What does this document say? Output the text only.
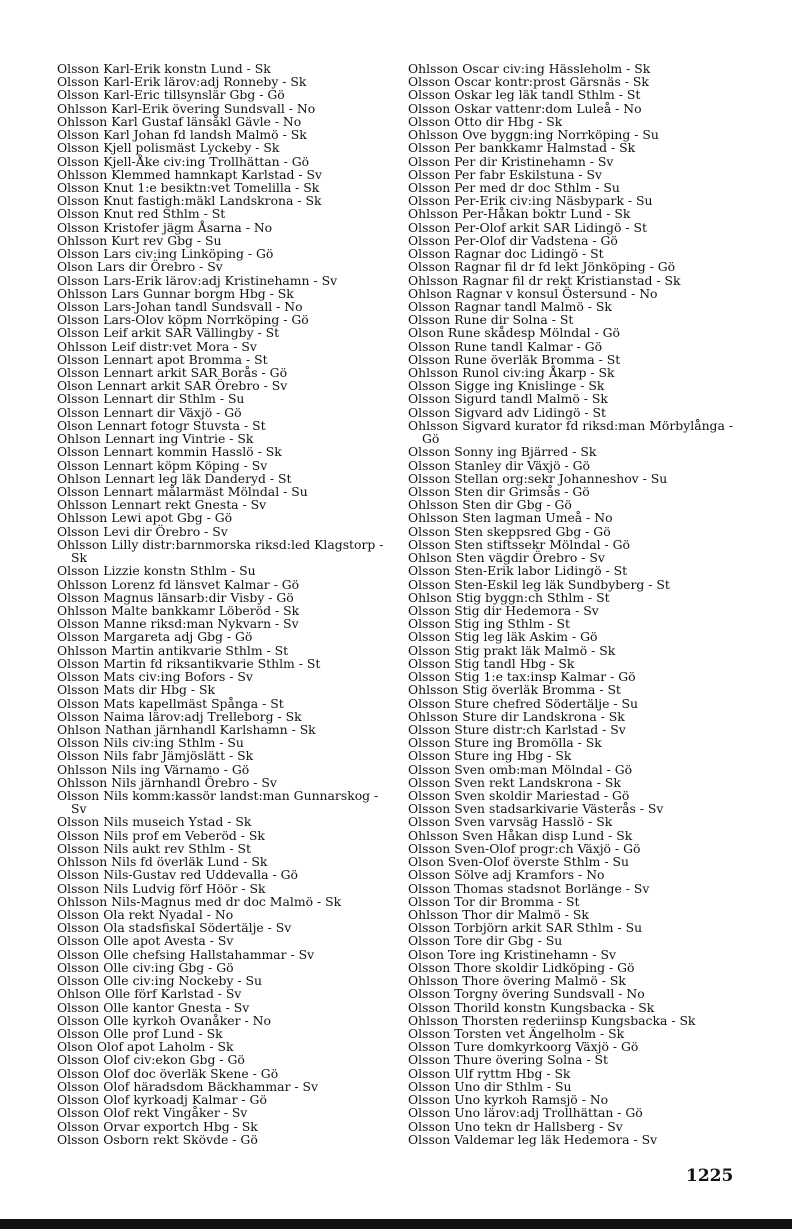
Olsson Karl-Erik konstn Lund - Sk
Olsson Karl-Erik lärov:adj Ronneby - Sk
Olsson Karl-Eric tillsynslär Gbg - Gö
Ohlsson Karl-Erik övering Sundsvall - No
Ohlsson Karl Gustaf länsåkl Gävle - No
Olsson Karl Johan fd landsh Malmö - Sk
Olsson Kjell polismäst Lyckeby - Sk
Olsson Kjell-Åke civ:ing Trollhättan - Gö
Ohlsson Klemmed hamnkapt Karlstad - Sv
Olsson Knut 1:e besiktn:vet Tomelilla - Sk
Olsson Knut fastigh:mäkl Landskrona - Sk
Olsson Knut red Sthlm - St
Olsson Kristofer jägm Åsarna - No
Ohlsson Kurt rev Gbg - Su
Olsson Lars civ:ing Linköping - Gö
Olson Lars dir Örebro - Sv
Olsson Lars-Erik lärov:adj Kristinehamn - Sv
Ohlsson Lars Gunnar borgm Hbg - Sk
Olsson Lars-Johan tandl Sundsvall - No
Olsson Lars-Olov köpm Norrköping - Gö
Olsson Leif arkit SAR Vällingby - St
Ohlsson Leif distr:vet Mora - Sv
Olsson Lennart apot Bromma - St
Olsson Lennart arkit SAR Borås - Gö
Olson Lennart arkit SAR Örebro - Sv
Olsson Lennart dir Sthlm - Su
Olsson Lennart dir Växjö - Gö
Olson Lennart fotogr Stuvsta - St
Ohlson Lennart ing Vintrie - Sk
Olsson Lennart kommin Hasslö - Sk
Olsson Lennart köpm Köping - Sv
Ohlson Lennart leg läk Danderyd - St
Olsson Lennart målarmäst Mölndal - Su
Ohlsson Lennart rekt Gnesta - Sv
Ohlsson Lewi apot Gbg - Gö
Olsson Levi dir Örebro - Sv
Ohlsson Lilly distr:barnmorska riksd:led Klagstorp - Sk
Olsson Lizzie konstn Sthlm - Su
Ohlsson Lorenz fd länsvet Kalmar - Gö
Olsson Magnus länsarb:dir Visby - Gö
Ohlsson Malte bankkamr Löberöd - Sk
Olsson Manne riksd:man Nykvarn - Sv
Olsson Margareta adj Gbg - Gö
Ohlsson Martin antikvarie Sthlm - St
Olsson Martin fd riksantikvarie Sthlm - St
Olsson Mats civ:ing Bofors - Sv
Olsson Mats dir Hbg - Sk
Olsson Mats kapellmäst Spånga - St
Olsson Naima lärov:adj Trelleborg - Sk
Ohlson Nathan järnhandl Karlshamn - Sk
Olsson Nils civ:ing Sthlm - Su
Olsson Nils fabr Jämjöslätt - Sk
Ohlsson Nils ing Värnamo - Gö
Ohlsson Nils järnhandl Örebro - Sv
Olsson Nils komm:kassör landst:man Gunnarskog - Sv
Olsson Nils museich Ystad - Sk
Olsson Nils prof em Veberöd - Sk
Olsson Nils aukt rev Sthlm - St
Ohlsson Nils fd överläk Lund - Sk
Olsson Nils-Gustav red Uddevalla - Gö
Olsson Nils Ludvig förf Höör - Sk
Ohlsson Nils-Magnus med dr doc Malmö - Sk
Olsson Ola rekt Nyadal - No
Olsson Ola stadsfiskal Södertälje - Sv
Olsson Olle apot Avesta - Sv
Olsson Olle chefsing Hallstahammar - Sv
Olsson Olle civ:ing Gbg - Gö
Olsson Olle civ:ing Nockeby - Su
Ohlson Olle förf Karlstad - Sv
Olsson Olle kantor Gnesta - Sv
Olsson Olle kyrkoh Ovanåker - No
Olsson Olle prof Lund - Sk
Olson Olof apot Laholm - Sk
Olsson Olof civ:ekon Gbg - Gö
Olsson Olof doc överläk Skene - Gö
Olsson Olof häradsdom Bäckhammar - Sv
Olsson Olof kyrkoadj Kalmar - Gö
Olsson Olof rekt Vingåker - Sv
Olsson Orvar exportch Hbg - Sk
Olsson Osborn rekt Skövde - Gö
Ohlsson Oscar civ:ing Hässleholm - Sk
Olsson Oscar kontr:prost Gärsnäs - Sk
Olsson Oskar leg läk tandl Sthlm - St
Olsson Oskar vattenr:dom Luleå - No
Olsson Otto dir Hbg - Sk
Ohlsson Ove byggn:ing Norrköping - Su
Olsson Per bankkamr Halmstad - Sk
Olsson Per dir Kristinehamn - Sv
Olsson Per fabr Eskilstuna - Sv
Olsson Per med dr doc Sthlm - Su
Olsson Per-Erik civ:ing Näsbypark - Su
Ohlsson Per-Håkan boktr Lund - Sk
Olsson Per-Olof arkit SAR Lidingö - St
Olsson Per-Olof dir Vadstena - Gö
Olsson Ragnar doc Lidingö - St
Olsson Ragnar fil dr fd lekt Jönköping - Gö
Ohlsson Ragnar fil dr rekt Kristianstad - Sk
Ohlson Ragnar v konsul Östersund - No
Olsson Ragnar tandl Malmö - Sk
Olsson Rune dir Solna - St
Olson Rune skådesp Mölndal - Gö
Olsson Rune tandl Kalmar - Gö
Olsson Rune överläk Bromma - St
Ohlsson Runol civ:ing Åkarp - Sk
Olsson Sigge ing Knislinge - Sk
Olsson Sigurd tandl Malmö - Sk
Olsson Sigvard adv Lidingö - St
Ohlsson Sigvard kurator fd riksd:man Mörbylånga - Gö
Olsson Sonny ing Bjärred - Sk
Olsson Stanley dir Växjö - Gö
Olsson Stellan org:sekr Johanneshov - Su
Olsson Sten dir Grimsås - Gö
Ohlsson Sten dir Gbg - Gö
Ohlsson Sten lagman Umeå - No
Olsson Sten skeppsred Gbg - Gö
Olsson Sten stiftssekr Mölndal - Gö
Ohlson Sten vägdir Örebro - Sv
Olsson Sten-Erik labor Lidingö - St
Olsson Sten-Eskil leg läk Sundbyberg - St
Ohlson Stig byggn:ch Sthlm - St
Olsson Stig dir Hedemora - Sv
Olsson Stig ing Sthlm - St
Olsson Stig leg läk Askim - Gö
Olsson Stig prakt läk Malmö - Sk
Olsson Stig tandl Hbg - Sk
Olsson Stig 1:e tax:insp Kalmar - Gö
Ohlsson Stig överläk Bromma - St
Olsson Sture chefred Södertälje - Su
Ohlsson Sture dir Landskrona - Sk
Olsson Sture distr:ch Karlstad - Sv
Olsson Sture ing Bromölla - Sk
Olsson Sture ing Hbg - Sk
Olsson Sven omb:man Mölndal - Gö
Olsson Sven rekt Landskrona - Sk
Olsson Sven skoldir Mariestad - Gö
Olsson Sven stadsarkivarie Västerås - Sv
Olsson Sven varvsäg Hasslö - Sk
Ohlsson Sven Håkan disp Lund - Sk
Olsson Sven-Olof progr:ch Växjö - Gö
Olson Sven-Olof överste Sthlm - Su
Olsson Sölve adj Kramfors - No
Olsson Thomas stadsnot Borlänge - Sv
Olsson Tor dir Bromma - St
Ohlsson Thor dir Malmö - Sk
Olsson Torbjörn arkit SAR Sthlm - Su
Olsson Tore dir Gbg - Su
Olson Tore ing Kristinehamn - Sv
Olsson Thore skoldir Lidköping - Gö
Ohlsson Thore övering Malmö - Sk
Olsson Torgny övering Sundsvall - No
Olsson Thorild konstn Kungsbacka - Sk
Ohlsson Thorsten rederiinsp Kungsbacka - Sk
Olsson Torsten vet Ängelholm - Sk
Olsson Ture domkyrkoorg Växjö - Gö
Olsson Thure övering Solna - St
Olsson Ulf ryttm Hbg - Sk
Olsson Uno dir Sthlm - Su
Olsson Uno kyrkoh Ramsjö - No
Olsson Uno lärov:adj Trollhättan - Gö
Olsson Uno tekn dr Hallsberg - Sv
Olsson Valdemar leg läk Hedemora - Sv
1225
